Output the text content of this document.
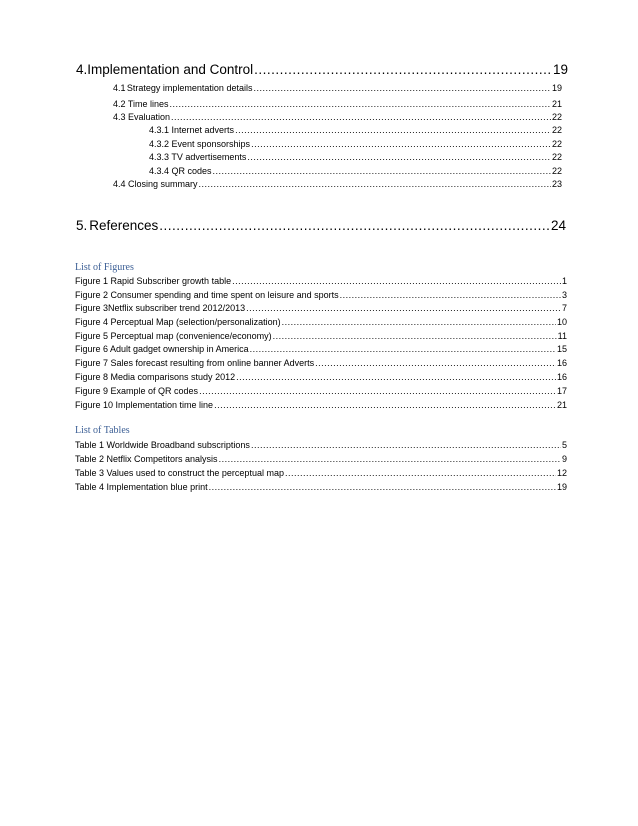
4. Implementation and Control .....	19
4.1 Strategy implementation details .....	19
4.2 Time lines .....	21
4.3 Evaluation .....	22
4.3.1 Internet adverts .....	22
4.3.2 Event sponsorships .....	22
4.3.3 TV advertisements .....	22
4.3.4 QR codes .....	22
4.4 Closing summary .....	23
5. References .....	24
List of Figures
Figure 1 Rapid Subscriber growth table .....	1
Figure 2 Consumer spending and time spent on leisure and sports .....	3
Figure 3Netflix subscriber trend 2012/2013 .....	7
Figure 4 Perceptual Map (selection/personalization) .....	10
Figure 5 Perceptual map (convenience/economy) .....	11
Figure 6 Adult gadget ownership in America .....	15
Figure 7 Sales forecast resulting from online banner Adverts .....	16
Figure 8 Media comparisons study 2012 .....	16
Figure 9 Example of QR codes .....	17
Figure 10 Implementation time line .....	21
List of Tables
Table 1 Worldwide Broadband subscriptions .....	5
Table 2 Netflix Competitors analysis .....	9
Table 3 Values used to construct the perceptual map .....	12
Table 4 Implementation blue print .....	19
